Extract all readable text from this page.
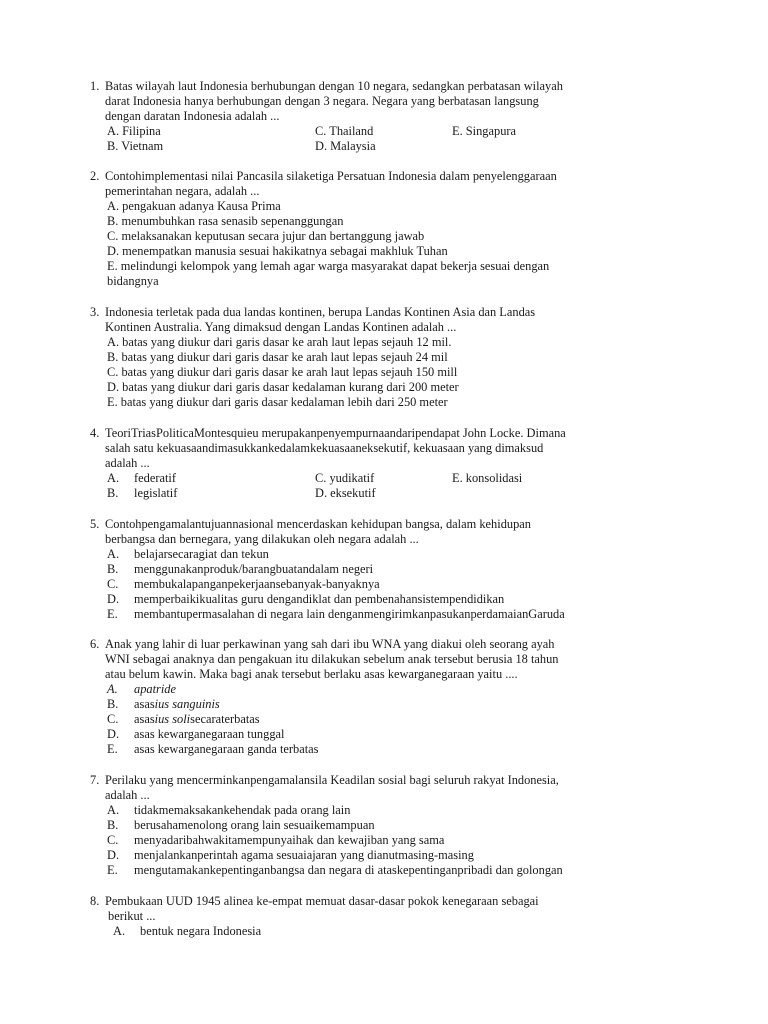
1. Batas wilayah laut Indonesia berhubungan dengan 10 negara, sedangkan perbatasan wilayah
darat Indonesia hanya berhubungan dengan 3 negara. Negara yang berbatasan langsung
dengan daratan Indonesia adalah ...
A. Filipina	C. Thailand	E. Singapura
B. Vietnam	D. Malaysia
2. Contohimplementasi nilai Pancasila silaketiga Persatuan Indonesia dalam penyelenggaraan
pemerintahan negara, adalah ...
A. pengakuan adanya Kausa Prima
B. menumbuhkan rasa senasib sepenanggungan
C. melaksanakan keputusan secara jujur dan bertanggung jawab
D. menempatkan manusia sesuai hakikatnya sebagai makhluk Tuhan
E. melindungi kelompok yang lemah agar warga masyarakat dapat bekerja sesuai dengan
bidangnya
3. Indonesia terletak pada dua landas kontinen, berupa Landas Kontinen Asia dan Landas
Kontinen Australia. Yang dimaksud dengan Landas Kontinen adalah ...
A. batas yang diukur dari garis dasar ke arah laut lepas sejauh 12 mil.
B. batas yang diukur dari garis dasar ke arah laut lepas sejauh 24 mil
C. batas yang diukur dari garis dasar ke arah laut lepas sejauh 150 mill
D. batas yang diukur dari garis dasar kedalaman kurang dari 200 meter
E. batas yang diukur dari garis dasar kedalaman lebih dari 250 meter
4. TeoriTriasPoliticaMontesquieu merupakanpenyempurnaandaripendapat John Locke. Dimana
salah satu kekuasaandimasukkankedalamkekuasaaneksekutif, kekuasaan yang dimaksud
adalah ...
A. federatif	C. yudikatif	E. konsolidasi
B. legislatif	D. eksekutif
5. Contohpengamalantujuannasional mencerdaskan kehidupan bangsa, dalam kehidupan
berbangsa dan bernegara, yang dilakukan oleh negara adalah ...
A. belajarsecaragiat dan tekun
B. menggunakanproduk/barangbuatandalam negeri
C. membukalapanganpekerjaansebanyak-banyaknya
D. memperbaikikualitas guru dengandiklat dan pembenahansistempendidikan
E. membantupermasalahan di negara lain denganmengirimkanpasukanperdamaianGaruda
6. Anak yang lahir di luar perkawinan yang sah dari ibu WNA yang diakui oleh seorang ayah
WNI sebagai anaknya dan pengakuan itu dilakukan sebelum anak tersebut berusia 18 tahun
atau belum kawin. Maka bagi anak tersebut berlaku asas kewarganegaraan yaitu ....
A. apatride
B. asasius sanguinis
C. asasius solisecaraterbatas
D. asas kewarganegaraan tunggal
E. asas kewarganegaraan ganda terbatas
7. Perilaku yang mencerminkanpengamalansila Keadilan sosial bagi seluruh rakyat Indonesia,
adalah ...
A. tidakmemaksakankehendak pada orang lain
B. berusahamenolong orang lain sesuaikemampuan
C. menyadaribahwakitamempunyaihak dan kewajiban yang sama
D. menjalankanperintah agama sesuaiajaran yang dianutmasing-masing
E. mengutamakankepentinganbangsa dan negara di ataskepentinganpribadi dan golongan
8. Pembukaan UUD 1945 alinea ke-empat memuat dasar-dasar pokok kenegaraan sebagai
berikut ...
A. bentuk negara Indonesia
